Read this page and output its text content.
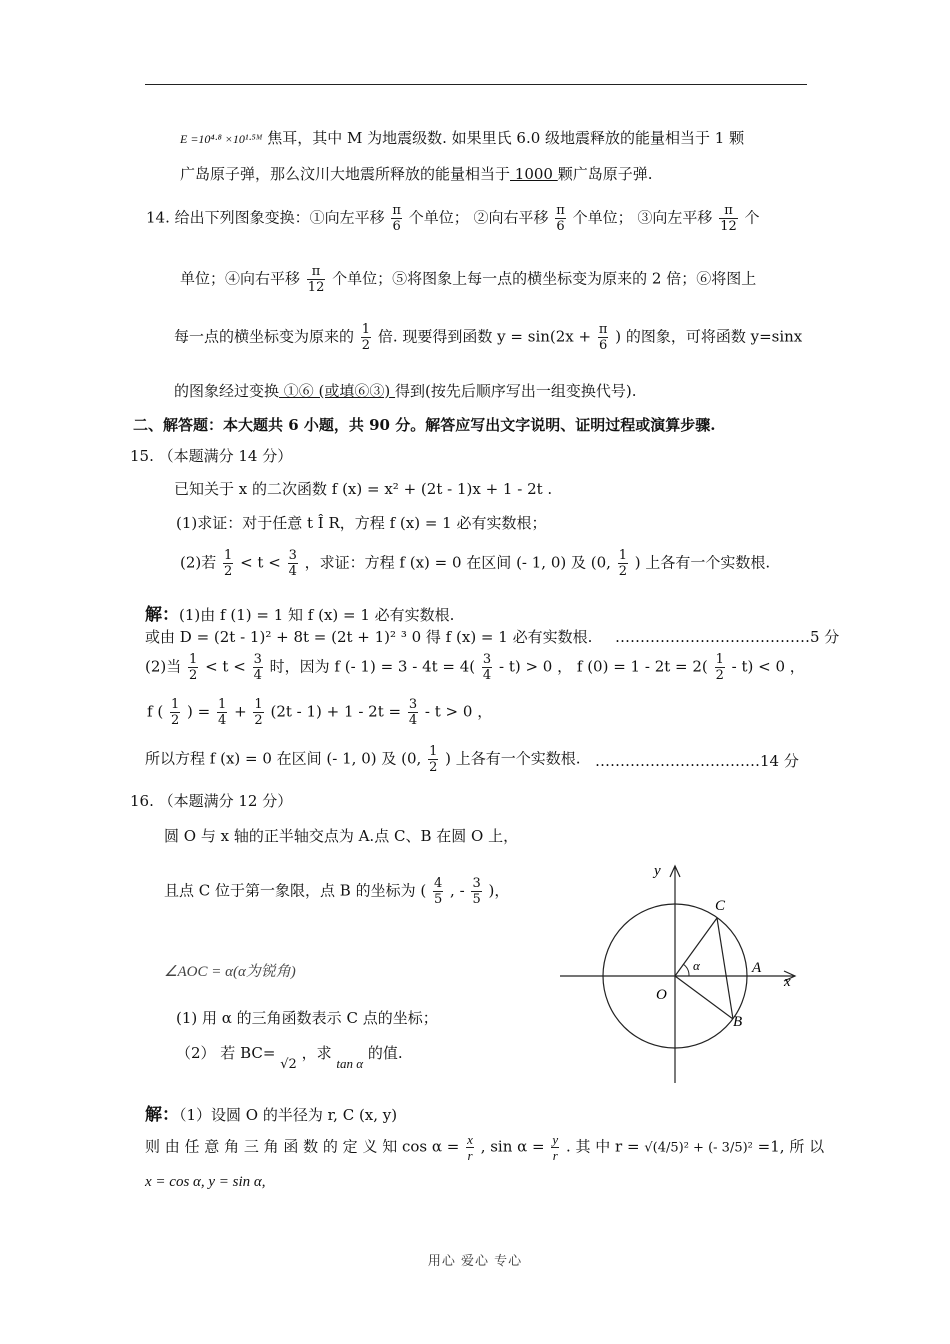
E =10⁴·⁸ ×10¹·⁵ᴹ 焦耳，其中 M 为地震级数. 如果里氏 6.0 级地震释放的能量相当于 1 颗
广岛原子弹，那么汶川大地震所释放的能量相当于 1000 颗广岛原子弹.
14. 给出下列图象变换：①向左平移 $\frac{\pi}{6}$ 个单位； ②向右平移 $\frac{\pi}{6}$ 个单位； ③向左平移 $\frac{\pi}{12}$ 个
单位；④向右平移 $\frac{\pi}{12}$ 个单位；⑤将图象上每一点的横坐标变为原来的 2 倍；⑥将图上
每一点的横坐标变为原来的 $\frac{1}{2}$ 倍. 现要得到函数 $y = \sin(2x + \frac{\pi}{6}$ ) 的图象，可将函数 y=sinx
的图象经过变换 ①⑥ (或填⑥③) 得到(按先后顺序写出一组变换代号).
二、解答题：本大题共 6 小题，共 90 分。解答应写出文字说明、证明过程或演算步骤.
15. （本题满分 14 分）
已知关于 x 的二次函数 f (x) = x² + (2t - 1)x + 1 - 2t .
(1)求证：对于任意 t Î R，方程 f (x) = 1 必有实数根；
(2)若 $\frac{1}{2} < t < \frac{3}{4}$ ，求证：方程 f (x) = 0 在区间 (- 1, 0) 及 (0, $\frac{1}{2}$ ) 上各有一个实数根.
解：(1)由 f (1) = 1 知 f (x) = 1 必有实数根.
或由 D = (2t - 1)² + 8t = (2t + 1)² ³ 0 得 f (x) = 1 必有实数根. …………………………………5 分
(2)当 $\frac{1}{2} < t < \frac{3}{4}$ 时，因为 f (- $1) = 3 - 4t = 4( \frac{3}{4} - t) > 0$ ， f $(0) = 1 - 2t = 2( \frac{1}{2} - t) < 0$ ，
f ( $\frac{1}{2}$ ) = $\frac{1}{4} + \frac{1}{2} (2t - 1) + 1 - 2t = \frac{3}{4} - t > 0$ ，
所以方程 f (x) = 0 在区间 (- 1, 0) 及 (0, $\frac{1}{2}$ ) 上各有一个实数根. ……………………………14 分
16. （本题满分 12 分）
圆 O 与 x 轴的正半轴交点为 A.点 C、B 在圆 O 上，
且点 C 位于第一象限，点 B 的坐标为 ( $\frac{4}{5}$ , - $\frac{3}{5}$ )，
∠AOC = α(α为锐角)
(1) 用 α 的三角函数表示 C 点的坐标；
（2） 若 BC= √2 ，求 tan α 的值.
y
x
C
A
O
B
α
解：（1）设圆 O 的半径为 r, C (x, y)
则 由 任 意 角 三 角 函 数 的 定 义 知 $\cos \alpha = \frac{x}{r}$ , $\sin \alpha = \frac{y}{r}$ . 其 中 r = √(4/5)² + (- 3/5)² =1, 所 以
x = cos α, y = sin α,
用心 爱心 专心
